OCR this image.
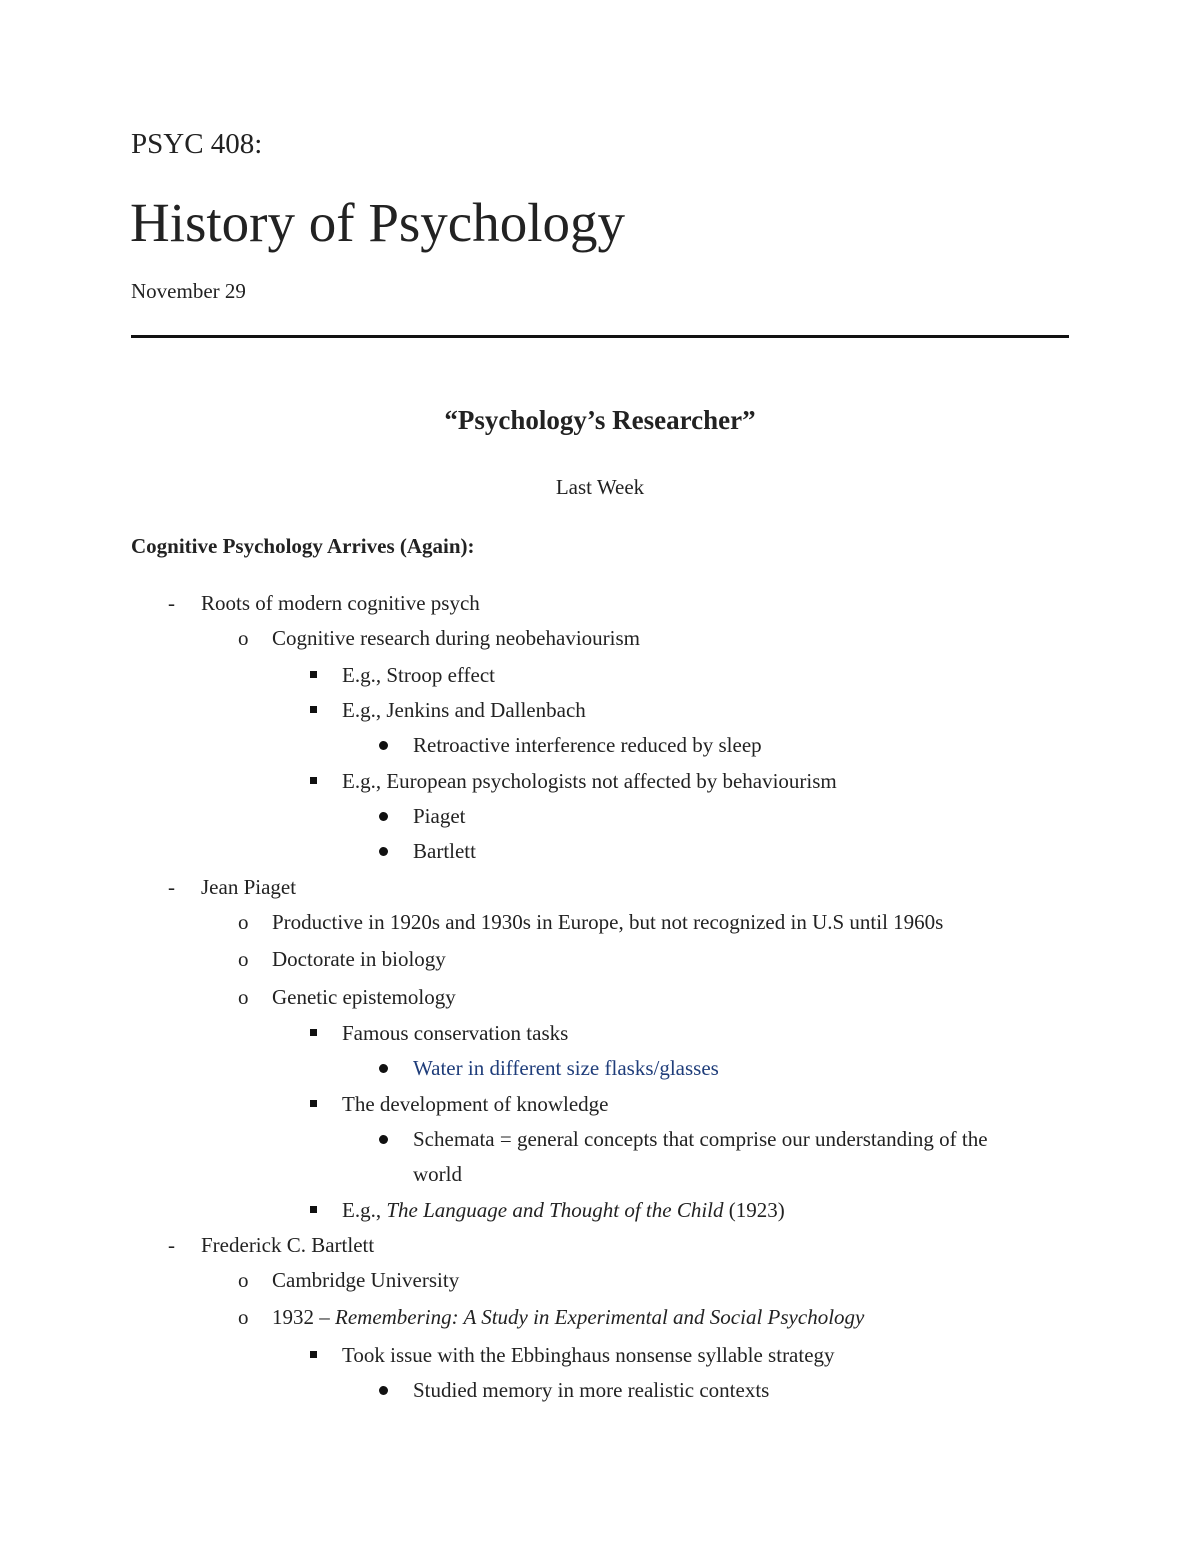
PSYC 408:
History of Psychology
November 29
“Psychology’s Researcher”
Last Week
Cognitive Psychology Arrives (Again):
- Roots of modern cognitive psych
o Cognitive research during neobehaviourism
E.g., Stroop effect
E.g., Jenkins and Dallenbach
Retroactive interference reduced by sleep
E.g., European psychologists not affected by behaviourism
Piaget
Bartlett
- Jean Piaget
o Productive in 1920s and 1930s in Europe, but not recognized in U.S until 1960s
o Doctorate in biology
o Genetic epistemology
Famous conservation tasks
Water in different size flasks/glasses
The development of knowledge
Schemata = general concepts that comprise our understanding of the
world
E.g., The Language and Thought of the Child (1923)
- Frederick C. Bartlett
o Cambridge University
o 1932 – Remembering: A Study in Experimental and Social Psychology
Took issue with the Ebbinghaus nonsense syllable strategy
Studied memory in more realistic contexts
